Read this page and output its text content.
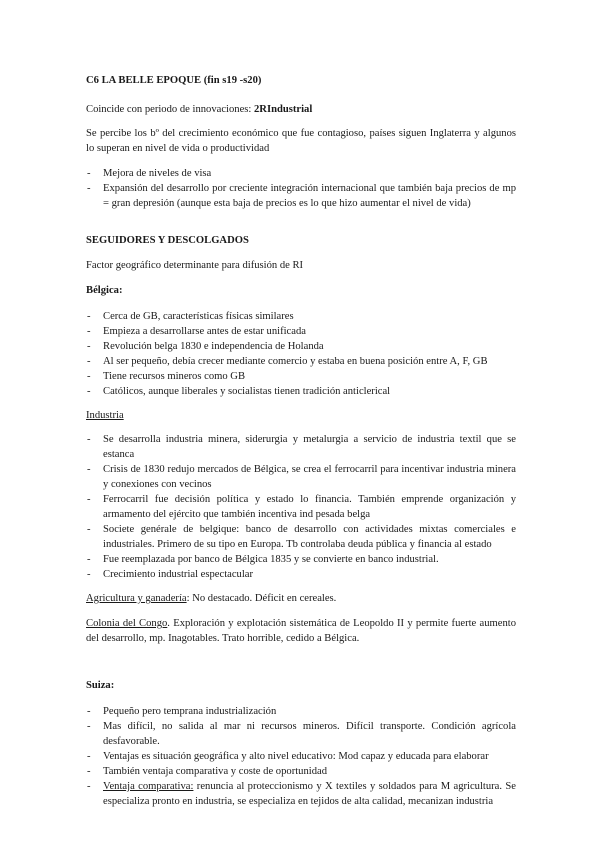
C6 LA BELLE EPOQUE (fin s19 -s20)

Coincide con periodo de innovaciones: 2RIndustrial

Se percibe los bº del crecimiento económico que fue contagioso, países siguen Inglaterra y algunos lo superan en nivel de vida o productividad

- Mejora de niveles de visa
- Expansión del desarrollo por creciente integración internacional que también baja precios de mp = gran depresión (aunque esta baja de precios es lo que hizo aumentar el nivel de vida)

SEGUIDORES Y DESCOLGADOS

Factor geográfico determinante para difusión de RI

Bélgica:

- Cerca de GB, características físicas similares
- Empieza a desarrollarse antes de estar unificada
- Revolución belga 1830 e independencia de Holanda
- Al ser pequeño, debía crecer mediante comercio y estaba en buena posición entre A, F, GB
- Tiene recursos mineros como GB
- Católicos, aunque liberales y socialistas tienen tradición anticlerical

Industria

- Se desarrolla industria minera, siderurgia y metalurgia a servicio de industria textil que se estanca
- Crisis de 1830 redujo mercados de Bélgica, se crea el ferrocarril para incentivar industria minera y conexiones con vecinos
- Ferrocarril fue decisión política y estado lo financia. También emprende organización y armamento del ejército que también incentiva ind pesada belga
- Societe genérale de belgique: banco de desarrollo con actividades mixtas comerciales e industriales. Primero de su tipo en Europa. Tb controlaba deuda pública y financia al estado
- Fue reemplazada por banco de Bélgica 1835 y se convierte en banco industrial.
- Crecimiento industrial espectacular

Agricultura y ganadería: No destacado. Déficit en cereales.

Colonia del Congo. Exploración y explotación sistemática de Leopoldo II y permite fuerte aumento del desarrollo, mp. Inagotables. Trato horrible, cedido a Bélgica.

Suiza:

- Pequeño pero temprana industrialización
- Mas difícil, no salida al mar ni recursos mineros. Difícil transporte. Condición agrícola desfavorable.
- Ventajas es situación geográfica y alto nivel educativo: Mod capaz y educada para elaborar
- También ventaja comparativa y coste de oportunidad
- Ventaja comparativa: renuncia al proteccionismo y X textiles y soldados para M agricultura. Se especializa pronto en industria, se especializa en tejidos de alta calidad, mecanizan industria
